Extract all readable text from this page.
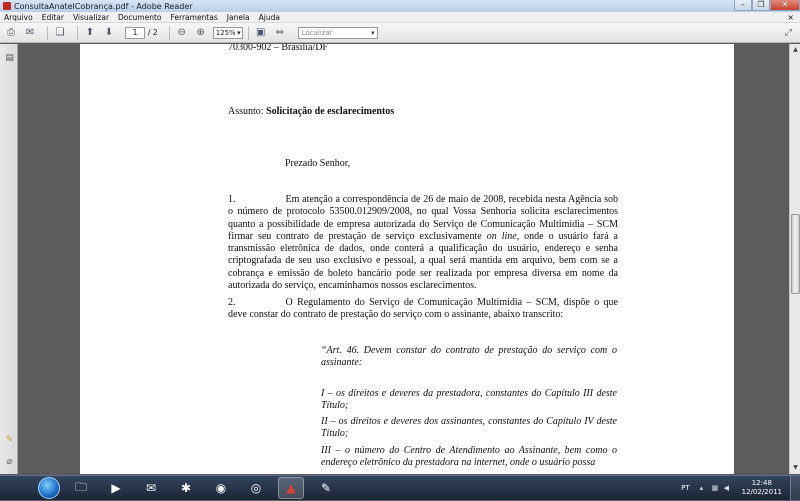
ConsultaAnatelCobrança.pdf - Adobe Reader	–	❐	✕
Arquivo Editar Visualizar Documento Ferramentas Janela Ajuda	×
⎙	✉ ❏ ⬆ ⬇	1	/ 2 ⊖ ⊕	125% ▾	▣ ⇔	Localizar ▾	⤢
▤
✎
⌀
70300-902 – Brasília/DF
Assunto: Solicitação de esclarecimentos
Prezado Senhor,
1.	Em atenção a correspondência de 26 de maio de 2008, recebida nesta Agência sob o número de protocolo 53500.012909/2008, no qual Vossa Senhoria solicita esclarecimentos quanto a possibilidade de empresa autorizada do Serviço de Comunicação Multimídia – SCM firmar seu contrato de prestação de serviço exclusivamente on line, onde o usuário fará a transmissão eletrônica de dados, onde conterá a qualificação do usuário, endereço e senha criptografada de seu uso exclusivo e pessoal, a qual será mantida em arquivo, bem com se a cobrança e emissão de boleto bancário pode ser realizada por empresa diversa em nome da autorizada do serviço, encaminhamos nossos esclarecimentos.
2.	O Regulamento do Serviço de Comunicação Multimídia – SCM, dispõe o que deve constar do contrato de prestação do serviço com o assinante, abaixo transcrito:
“Art. 46. Devem constar do contrato de prestação do serviço com o assinante:
I – os direitos e deveres da prestadora, constantes do Capítulo III deste Título;
II – os direitos e deveres dos assinantes, constantes do Capítulo IV deste Título;
III – o número do Centro de Atendimento ao Assinante, bem como o endereço eletrônico da prestadora na internet, onde o usuário possa
▲
▼
🗀	▶	✉	✱	◉	◎	▲	✎	PT ▴	▦ ◀
12:48
12/02/2011
